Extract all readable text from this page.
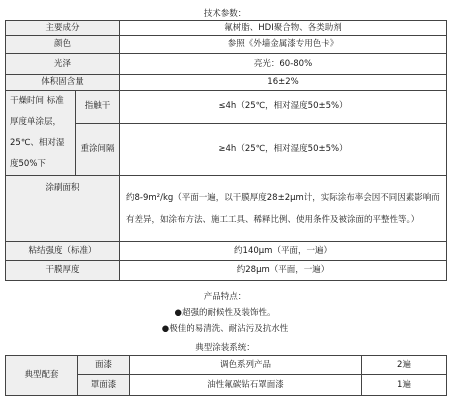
技术参数：
主要成分		氟树脂、HDI聚合物、各类助剂
颜色		参照《外墙金属漆专用色卡》
光泽		亮光：60-80%
体积固含量		16±2%
干燥时间 标准厚度单涂层，25℃、相对湿度50%下	指触干	≤4h（25℃，相对湿度50±5%）
	重涂间隔	≥4h（25℃，相对湿度50±5%）
涂刷面积		约8-9m²/kg（平面一遍，以干膜厚度28±2μm计，实际涂布率会因不同因素影响而有差异，如涂布方法、施工工具、稀释比例、使用条件及被涂面的平整性等。）
粘结强度（标准）		约140μm（平面，一遍）
干膜厚度		约28μm（平面，一遍）
产品特点：
●超强的耐候性及装饰性。
●极佳的易清洗、耐沾污及抗水性
典型涂装系统：
典型配套	面漆	调色系列产品	2遍
	罩面漆	油性氟碳钻石罩面漆	1遍
